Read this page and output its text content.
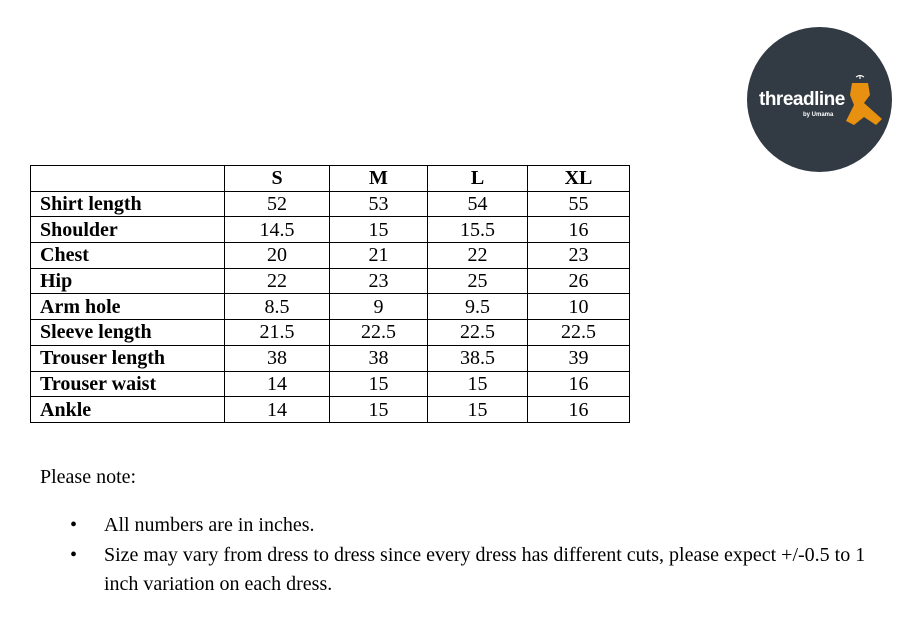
threadline
by Umama
	S	M	L	XL
Shirt length	52	53	54	55
Shoulder	14.5	15	15.5	16
Chest	20	21	22	23
Hip	22	23	25	26
Arm hole	8.5	9	9.5	10
Sleeve length	21.5	22.5	22.5	22.5
Trouser length	38	38	38.5	39
Trouser waist	14	15	15	16
Ankle	14	15	15	16
Please note:
• All numbers are in inches.
• Size may vary from dress to dress since every dress has different cuts, please expect +/-0.5 to 1 inch variation on each dress.
